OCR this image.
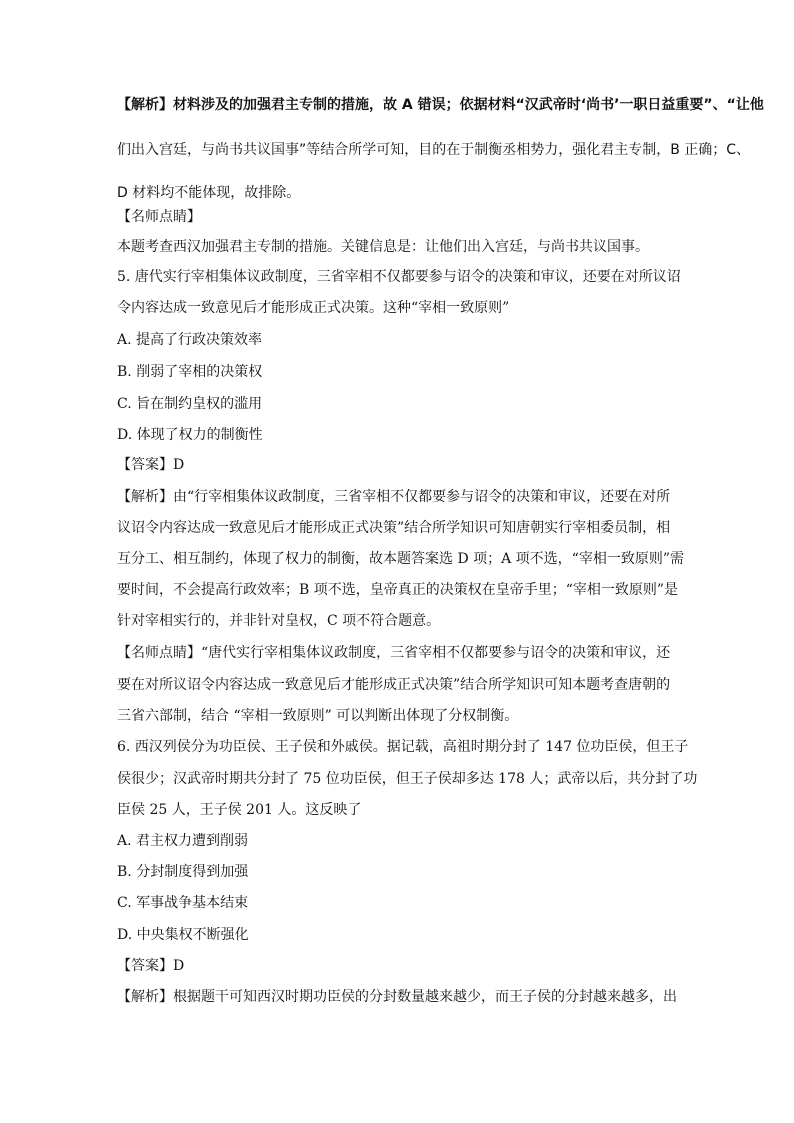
【解析】材料涉及的加强君主专制的措施，故 A 错误；依据材料“汉武帝时‘尚书’一职日益重要”、“让他
们出入宫廷，与尚书共议国事”等结合所学可知，目的在于制衡丞相势力，强化君主专制，B 正确；C、
D 材料均不能体现，故排除。
【名师点睛】
本题考查西汉加强君主专制的措施。关键信息是：让他们出入宫廷，与尚书共议国事。
5. 唐代实行宰相集体议政制度，三省宰相不仅都要参与诏令的决策和审议，还要在对所议诏
令内容达成一致意见后才能形成正式决策。这种“宰相一致原则”
A. 提高了行政决策效率
B. 削弱了宰相的决策权
C. 旨在制约皇权的滥用
D. 体现了权力的制衡性
【答案】D
【解析】由“行宰相集体议政制度，三省宰相不仅都要参与诏令的决策和审议，还要在对所
议诏令内容达成一致意见后才能形成正式决策”结合所学知识可知唐朝实行宰相委员制，相
互分工、相互制约，体现了权力的制衡，故本题答案选 D 项；A 项不选，“宰相一致原则”需
要时间，不会提高行政效率；B 项不选，皇帝真正的决策权在皇帝手里；“宰相一致原则”是
针对宰相实行的，并非针对皇权，C 项不符合题意。
【名师点睛】“唐代实行宰相集体议政制度，三省宰相不仅都要参与诏令的决策和审议，还
要在对所议诏令内容达成一致意见后才能形成正式决策”结合所学知识可知本题考查唐朝的
三省六部制，结合 “宰相一致原则” 可以判断出体现了分权制衡。
6. 西汉列侯分为功臣侯、王子侯和外戚侯。据记载，高祖时期分封了 147 位功臣侯，但王子
侯很少；汉武帝时期共分封了 75 位功臣侯，但王子侯却多达 178 人；武帝以后，共分封了功
臣侯 25 人，王子侯 201 人。这反映了
A. 君主权力遭到削弱
B. 分封制度得到加强
C. 军事战争基本结束
D. 中央集权不断强化
【答案】D
【解析】根据题干可知西汉时期功臣侯的分封数量越来越少，而王子侯的分封越来越多，出
